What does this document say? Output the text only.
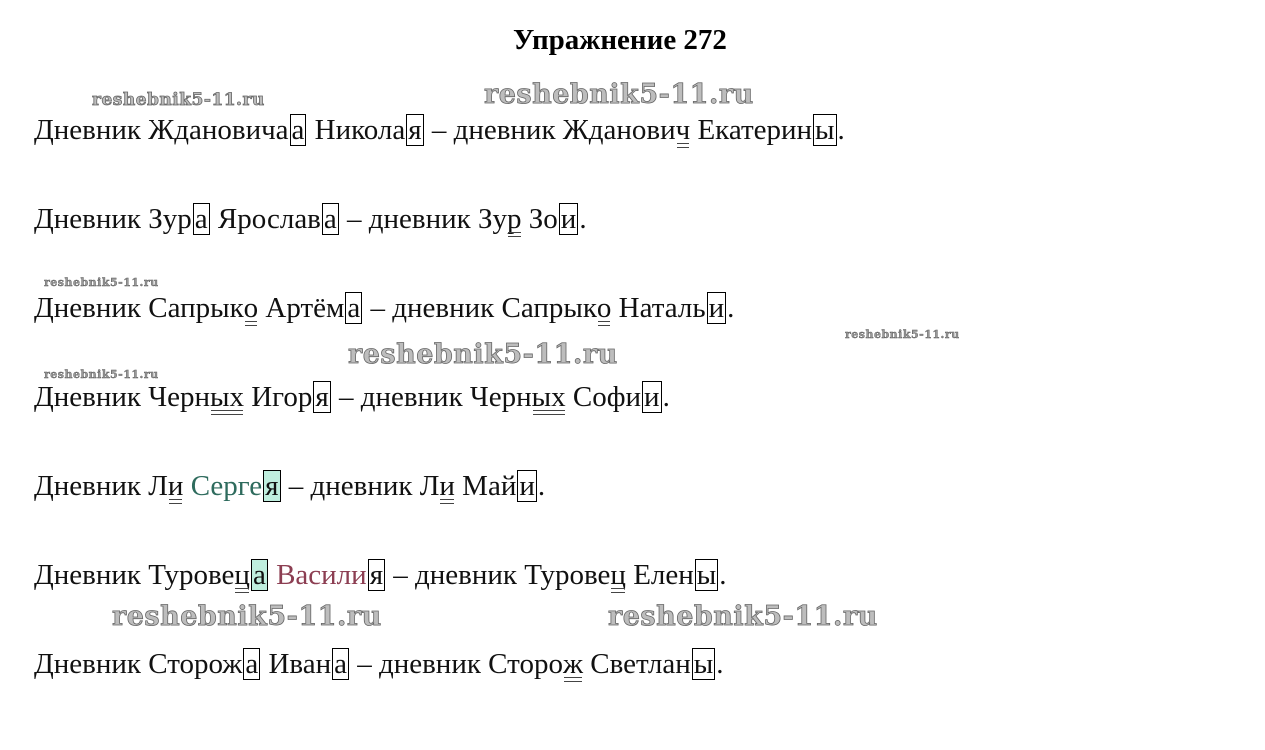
Упражнение 272
reshebnik5-11.ru	reshebnik5-11.ru
reshebnik5-11.ru
reshebnik5-11.ru
reshebnik5-11.ru
reshebnik5-11.ru
reshebnik5-11.ru	reshebnik5-11.ru
Дневник Ждановича а Никола я – дневник Жданович Екатерин ы .
Дневник Зур а Ярослав а – дневник Зур Зо и .
Дневник Сапрыко Артём а – дневник Сапрыко Наталь и .
Дневник Черных Игор я – дневник Черных Софи и .
Дневник Ли Серге я – дневник Ли Май и .
Дневник Туровец а Васили я – дневник Туровец Елен ы .
Дневник Сторож а Иван а – дневник Сторож Светлан ы .
